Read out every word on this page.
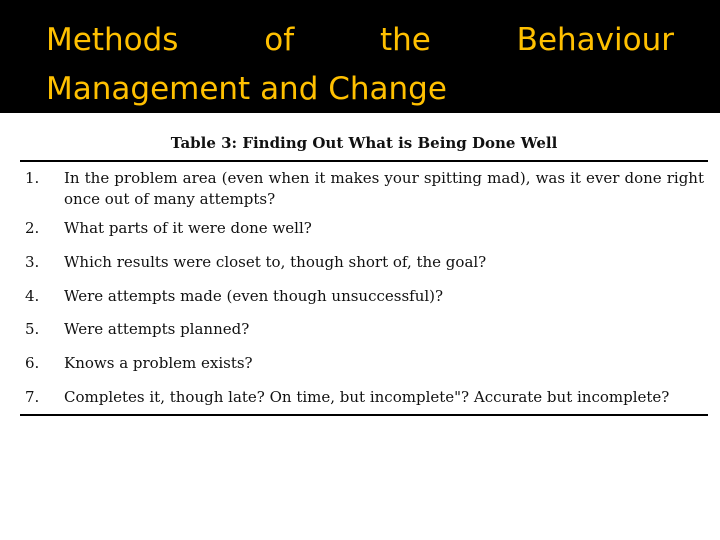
Methods	of	the	Behaviour
Management and Change
Table 3: Finding Out What is Being Done Well
1. In the problem area (even when it makes your spitting mad), was it ever done right once out of many attempts?
2. What parts of it were done well?
3. Which results were closet to, though short of, the goal?
4. Were attempts made (even though unsuccessful)?
5. Were attempts planned?
6. Knows a problem exists?
7. Completes it, though late? On time, but incomplete"? Accurate but incomplete?
